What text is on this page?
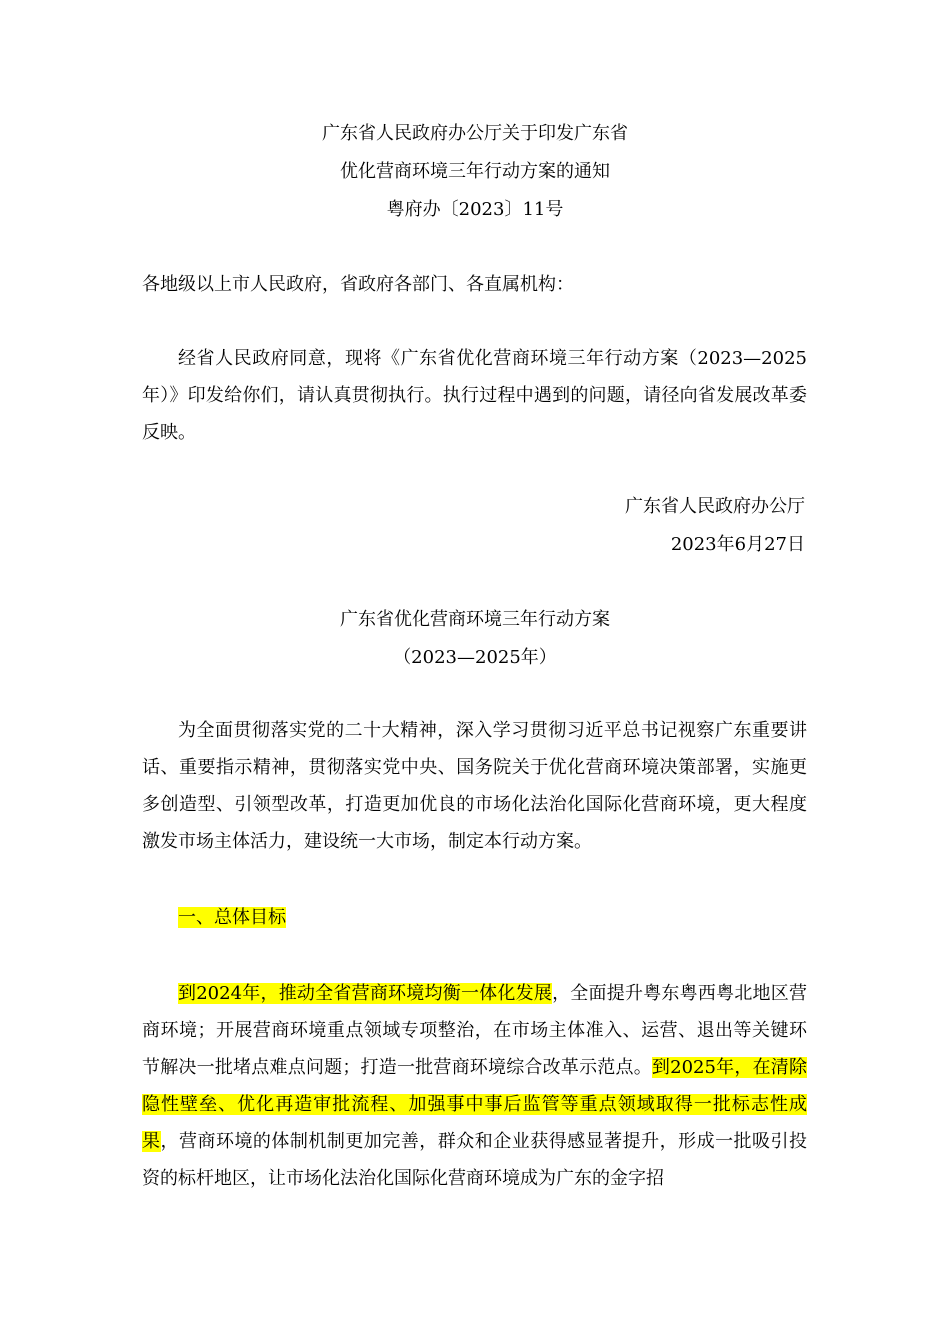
广东省人民政府办公厅关于印发广东省
优化营商环境三年行动方案的通知
粤府办〔2023〕11号
各地级以上市人民政府，省政府各部门、各直属机构：
经省人民政府同意，现将《广东省优化营商环境三年行动方案（2023—2025年）》印发给你们，请认真贯彻执行。执行过程中遇到的问题，请径向省发展改革委反映。
广东省人民政府办公厅
2023年6月27日
广东省优化营商环境三年行动方案
（2023—2025年）
为全面贯彻落实党的二十大精神，深入学习贯彻习近平总书记视察广东重要讲话、重要指示精神，贯彻落实党中央、国务院关于优化营商环境决策部署，实施更多创造型、引领型改革，打造更加优良的市场化法治化国际化营商环境，更大程度激发市场主体活力，建设统一大市场，制定本行动方案。
一、总体目标
到2024年，推动全省营商环境均衡一体化发展，全面提升粤东粤西粤北地区营商环境；开展营商环境重点领域专项整治，在市场主体准入、运营、退出等关键环节解决一批堵点难点问题；打造一批营商环境综合改革示范点。到2025年，在清除隐性壁垒、优化再造审批流程、加强事中事后监管等重点领域取得一批标志性成果，营商环境的体制机制更加完善，群众和企业获得感显著提升，形成一批吸引投资的标杆地区，让市场化法治化国际化营商环境成为广东的金字招
